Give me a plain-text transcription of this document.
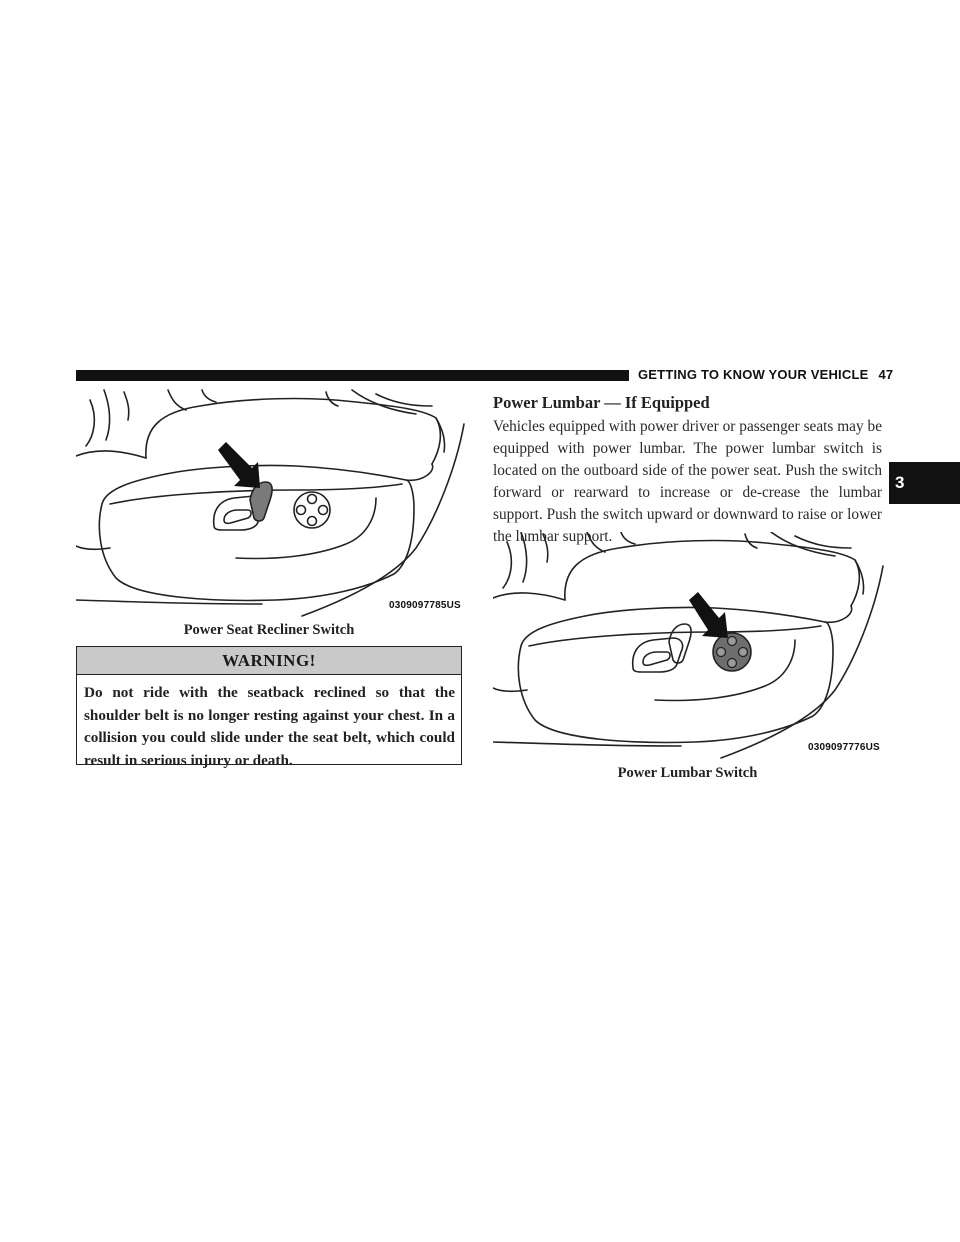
GETTING TO KNOW YOUR VEHICLE 47
3
0309097785US
Power Seat Recliner Switch
WARNING!
Do not ride with the seatback reclined so that the shoulder belt is no longer resting against your chest. In a collision you could slide under the seat belt, which could result in serious injury or death.
Power Lumbar — If Equipped
Vehicles equipped with power driver or passenger seats may be equipped with power lumbar. The power lumbar switch is located on the outboard side of the power seat. Push the switch forward or rearward to increase or de-crease the lumbar support. Push the switch upward or downward to raise or lower the lumbar support.
0309097776US
Power Lumbar Switch
